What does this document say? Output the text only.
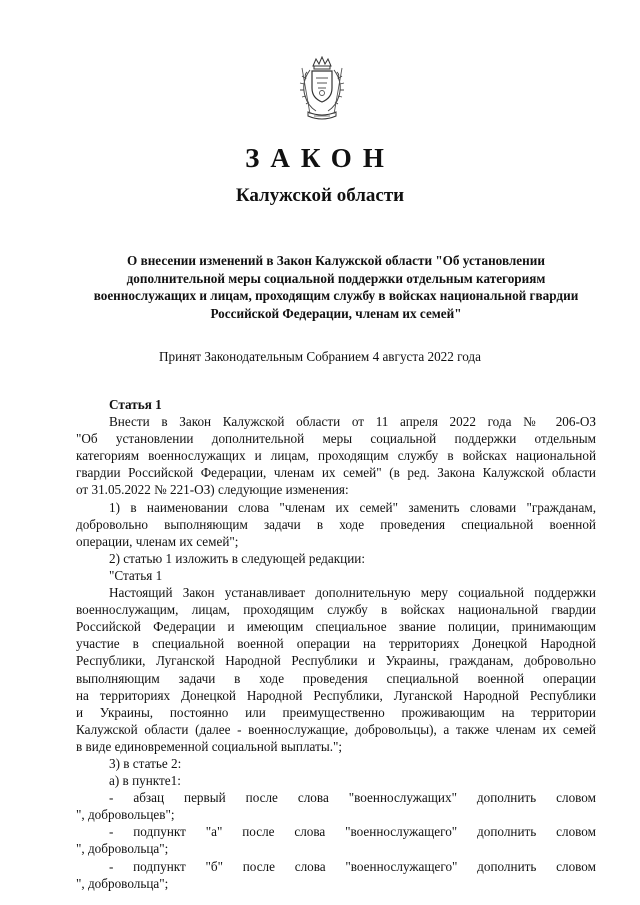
ЗАКОН
Калужской области
О внесении изменений в Закон Калужской области "Об установлении
дополнительной меры социальной поддержки отдельным категориям
военнослужащих и лицам, проходящим службу в войсках национальной гвардии
Российской Федерации, членам их семей"
Принят Законодательным Собранием 4 августа 2022 года
Статья 1
Внести в Закон Калужской области от 11 апреля 2022 года № 206-ОЗ
"Об установлении дополнительной меры социальной поддержки отдельным
категориям военнослужащих и лицам, проходящим службу в войсках национальной
гвардии Российской Федерации, членам их семей" (в ред. Закона Калужской области
от 31.05.2022 № 221-ОЗ) следующие изменения:
1) в наименовании слова "членам их семей" заменить словами "гражданам,
добровольно выполняющим задачи в ходе проведения специальной военной
операции, членам их семей";
2) статью 1 изложить в следующей редакции:
"Статья 1
Настоящий Закон устанавливает дополнительную меру социальной поддержки
военнослужащим, лицам, проходящим службу в войсках национальной гвардии
Российской Федерации и имеющим специальное звание полиции, принимающим
участие в специальной военной операции на территориях Донецкой Народной
Республики, Луганской Народной Республики и Украины, гражданам, добровольно
выполняющим задачи в ходе проведения специальной военной операции
на территориях Донецкой Народной Республики, Луганской Народной Республики
и Украины, постоянно или преимущественно проживающим на территории
Калужской области (далее - военнослужащие, добровольцы), а также членам их семей
в виде единовременной социальной выплаты.";
3) в статье 2:
а) в пункте1:
- абзац первый после слова "военнослужащих" дополнить словом
", добровольцев";
- подпункт "а" после слова "военнослужащего" дополнить словом
", добровольца";
- подпункт "б" после слова "военнослужащего" дополнить словом
", добровольца";
